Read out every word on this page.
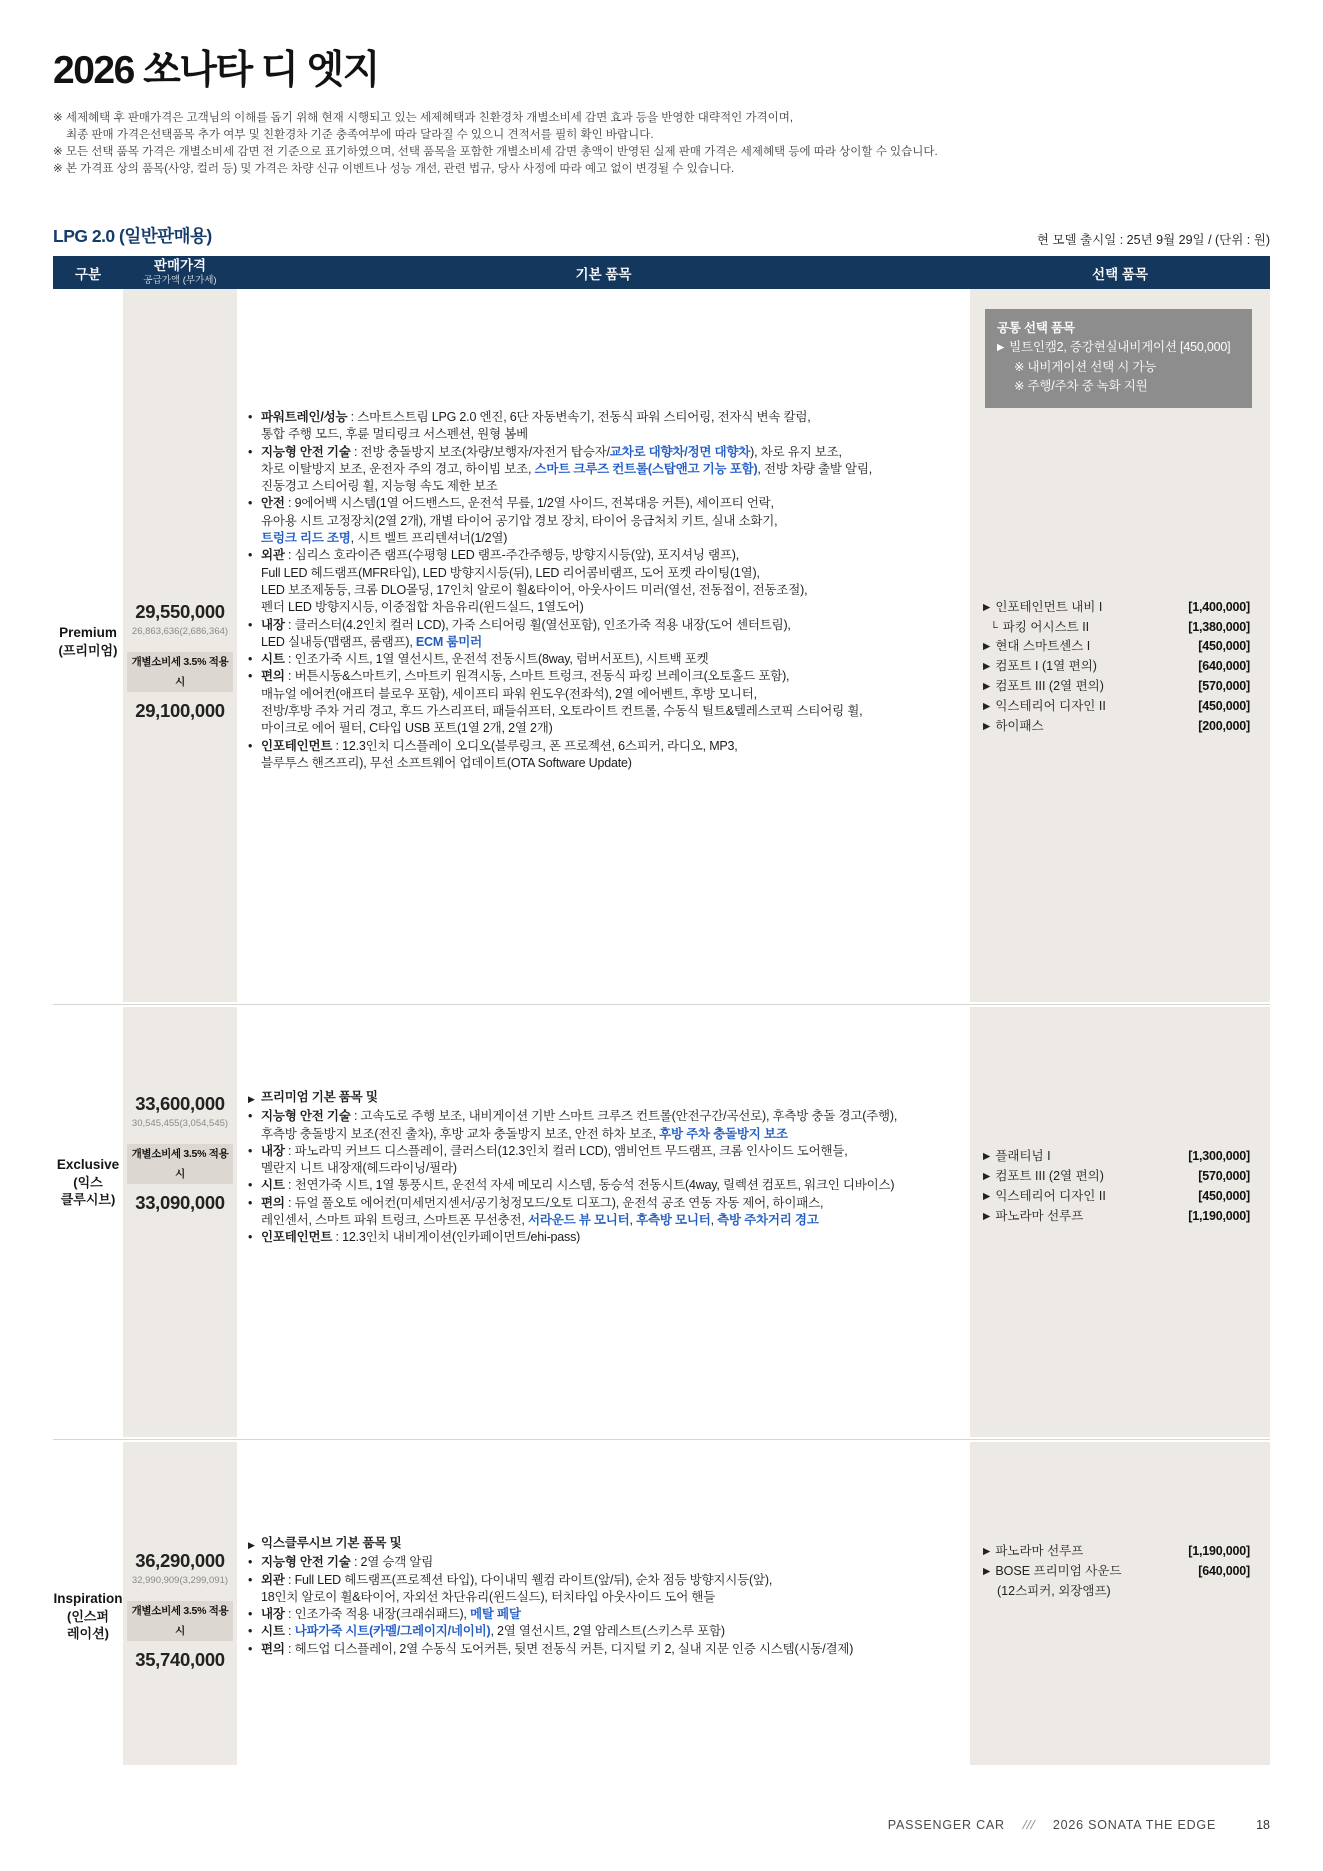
2026 쏘나타 디 엣지
※ 세제혜택 후 판매가격은 고객님의 이해를 돕기 위해 현재 시행되고 있는 세제혜택과 친환경차 개별소비세 감면 효과 등을 반영한 대략적인 가격이며,
최종 판매 가격은선택품목 추가 여부 및 친환경차 기준 충족여부에 따라 달라질 수 있으니 견적서를 필히 확인 바랍니다.
※ 모든 선택 품목 가격은 개별소비세 감면 전 기준으로 표기하였으며, 선택 품목을 포함한 개별소비세 감면 총액이 반영된 실제 판매 가격은 세제혜택 등에 따라 상이할 수 있습니다.
※ 본 가격표 상의 품목(사양, 컬러 등) 및 가격은 차량 신규 이벤트나 성능 개선, 관련 법규, 당사 사정에 따라 예고 없이 변경될 수 있습니다.
LPG 2.0 (일반판매용)	현 모델 출시일 : 25년 9월 29일 / (단위 : 원)
구분
판매가격
공급가액 (부가세)	기본 품목	선택 품목
Premium
(프리미엄)
29,550,000
26,863,636(2,686,364)
개별소비세 3.5% 적용 시
29,100,000
• 파워트레인/성능 : 스마트스트림 LPG 2.0 엔진, 6단 자동변속기, 전동식 파워 스티어링, 전자식 변속 칼럼,
통합 주행 모드, 후륜 멀티링크 서스펜션, 원형 봄베
• 지능형 안전 기술 : 전방 충돌방지 보조(차량/보행자/자전거 탑승자/교차로 대향차/정면 대향차), 차로 유지 보조,
차로 이탈방지 보조, 운전자 주의 경고, 하이빔 보조, 스마트 크루즈 컨트롤(스탑앤고 기능 포함), 전방 차량 출발 알림,
진동경고 스티어링 휠, 지능형 속도 제한 보조
• 안전 : 9에어백 시스템(1열 어드밴스드, 운전석 무릎, 1/2열 사이드, 전복대응 커튼), 세이프티 언락,
유아용 시트 고정장치(2열 2개), 개별 타이어 공기압 경보 장치, 타이어 응급처치 키트, 실내 소화기,
트렁크 리드 조명, 시트 벨트 프리텐셔너(1/2열)
• 외관 : 심리스 호라이즌 램프(수평형 LED 램프-주간주행등, 방향지시등(앞), 포지셔닝 램프),
Full LED 헤드램프(MFR타입), LED 방향지시등(뒤), LED 리어콤비램프, 도어 포켓 라이팅(1열),
LED 보조제동등, 크롬 DLO몰딩, 17인치 알로이 휠&타이어, 아웃사이드 미러(열선, 전동접이, 전동조절),
펜더 LED 방향지시등, 이중접합 차음유리(윈드실드, 1열도어)
• 내장 : 클러스터(4.2인치 컬러 LCD), 가죽 스티어링 휠(열선포함), 인조가죽 적용 내장(도어 센터트림),
LED 실내등(맵램프, 룸램프), ECM 룸미러
• 시트 : 인조가죽 시트, 1열 열선시트, 운전석 전동시트(8way, 럼버서포트), 시트백 포켓
• 편의 : 버튼시동&스마트키, 스마트키 원격시동, 스마트 트렁크, 전동식 파킹 브레이크(오토홀드 포함),
매뉴얼 에어컨(애프터 블로우 포함), 세이프티 파워 윈도우(전좌석), 2열 에어벤트, 후방 모니터,
전방/후방 주차 거리 경고, 후드 가스리프터, 패들쉬프터, 오토라이트 컨트롤, 수동식 틸트&텔레스코픽 스티어링 휠,
마이크로 에어 필터, C타입 USB 포트(1열 2개, 2열 2개)
• 인포테인먼트 : 12.3인치 디스플레이 오디오(블루링크, 폰 프로젝션, 6스피커, 라디오, MP3,
블루투스 핸즈프리), 무선 소프트웨어 업데이트(OTA Software Update)
공통 선택 품목
▶ 빌트인캠2, 증강현실내비게이션 [450,000]
※ 내비게이션 선택 시 가능
※ 주행/주차 중 녹화 지원
▶ 인포테인먼트 내비 I	[1,400,000]
└ 파킹 어시스트 II	[1,380,000]
▶ 현대 스마트센스 I	[450,000]
▶ 컴포트 I (1열 편의)	[640,000]
▶ 컴포트 III (2열 편의)	[570,000]
▶ 익스테리어 디자인 II	[450,000]
▶ 하이패스	[200,000]
Exclusive
(익스
클루시브)
33,600,000
30,545,455(3,054,545)
개별소비세 3.5% 적용 시
33,090,000
▶ 프리미엄 기본 품목 및
• 지능형 안전 기술 : 고속도로 주행 보조, 내비게이션 기반 스마트 크루즈 컨트롤(안전구간/곡선로), 후측방 충돌 경고(주행),
후측방 충돌방지 보조(전진 출차), 후방 교차 충돌방지 보조, 안전 하차 보조, 후방 주차 충돌방지 보조
• 내장 : 파노라믹 커브드 디스플레이, 클러스터(12.3인치 컬러 LCD), 앰비언트 무드램프, 크롬 인사이드 도어핸들,
멜란지 니트 내장재(헤드라이닝/필라)
• 시트 : 천연가죽 시트, 1열 통풍시트, 운전석 자세 메모리 시스템, 동승석 전동시트(4way, 릴렉션 컴포트, 워크인 디바이스)
• 편의 : 듀얼 풀오토 에어컨(미세먼지센서/공기청정모드/오토 디포그), 운전석 공조 연동 자동 제어, 하이패스,
레인센서, 스마트 파워 트렁크, 스마트폰 무선충전, 서라운드 뷰 모니터, 후측방 모니터, 측방 주차거리 경고
• 인포테인먼트 : 12.3인치 내비게이션(인카페이먼트/ehi-pass)
▶ 플래티넘 I	[1,300,000]
▶ 컴포트 III (2열 편의)	[570,000]
▶ 익스테리어 디자인 II	[450,000]
▶ 파노라마 선루프	[1,190,000]
Inspiration
(인스퍼
레이션)
36,290,000
32,990,909(3,299,091)
개별소비세 3.5% 적용 시
35,740,000
▶ 익스클루시브 기본 품목 및
• 지능형 안전 기술 : 2열 승객 알림
• 외관 : Full LED 헤드램프(프로젝션 타입), 다이내믹 웰컴 라이트(앞/뒤), 순차 점등 방향지시등(앞),
18인치 알로이 휠&타이어, 자외선 차단유리(윈드실드), 터치타입 아웃사이드 도어 핸들
• 내장 : 인조가죽 적용 내장(크래쉬패드), 메탈 페달
• 시트 : 나파가죽 시트(카멜/그레이지/네이비), 2열 열선시트, 2열 암레스트(스키스루 포함)
• 편의 : 헤드업 디스플레이, 2열 수동식 도어커튼, 뒷면 전동식 커튼, 디지털 키 2, 실내 지문 인증 시스템(시동/결제)
▶ 파노라마 선루프	[1,190,000]
▶ BOSE 프리미엄 사운드	[640,000]
(12스피커, 외장앰프)
PASSENGER CAR /// 2026 SONATA THE EDGE	18
